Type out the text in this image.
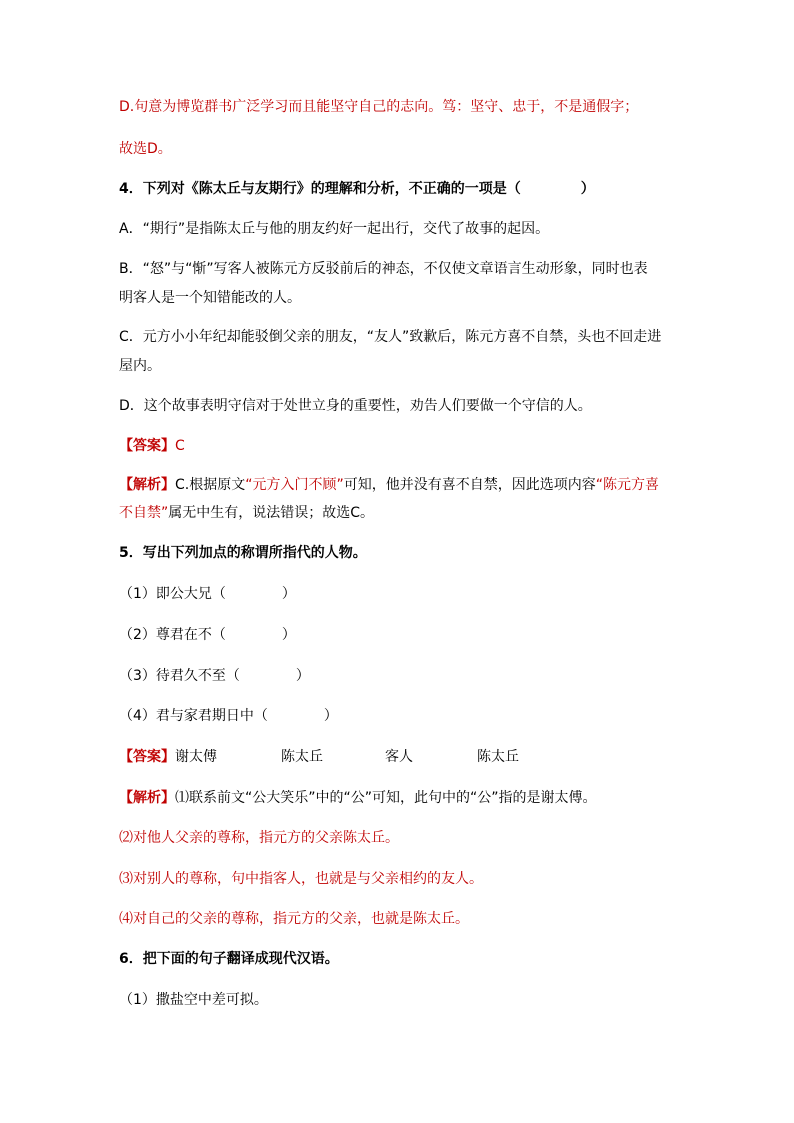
D.句意为博览群书广泛学习而且能坚守自己的志向。笃：坚守、忠于，不是通假字；
故选D。
4．下列对《陈太丘与友期行》的理解和分析，不正确的一项是（	）
A．“期行”是指陈太丘与他的朋友约好一起出行，交代了故事的起因。
B．“怒”与“惭”写客人被陈元方反驳前后的神态，不仅使文章语言生动形象，同时也表
明客人是一个知错能改的人。
C．元方小小年纪却能驳倒父亲的朋友，“友人”致歉后，陈元方喜不自禁，头也不回走进
屋内。
D．这个故事表明守信对于处世立身的重要性，劝告人们要做一个守信的人。
【答案】C
【解析】C.根据原文“元方入门不顾”可知，他并没有喜不自禁，因此选项内容“陈元方喜
不自禁”属无中生有，说法错误；故选C。
5．写出下列加点的称谓所指代的人物。
（1）即公大兄（	）
（2）尊君在不（	）
（3）待君久不至（	）
（4）君与家君期日中（	）
【答案】谢太傅	陈太丘	客人	陈太丘
【解析】⑴联系前文“公大笑乐”中的“公”可知，此句中的“公”指的是谢太傅。
⑵对他人父亲的尊称，指元方的父亲陈太丘。
⑶对别人的尊称，句中指客人，也就是与父亲相约的友人。
⑷对自己的父亲的尊称，指元方的父亲，也就是陈太丘。
6．把下面的句子翻译成现代汉语。
（1）撒盐空中差可拟。
